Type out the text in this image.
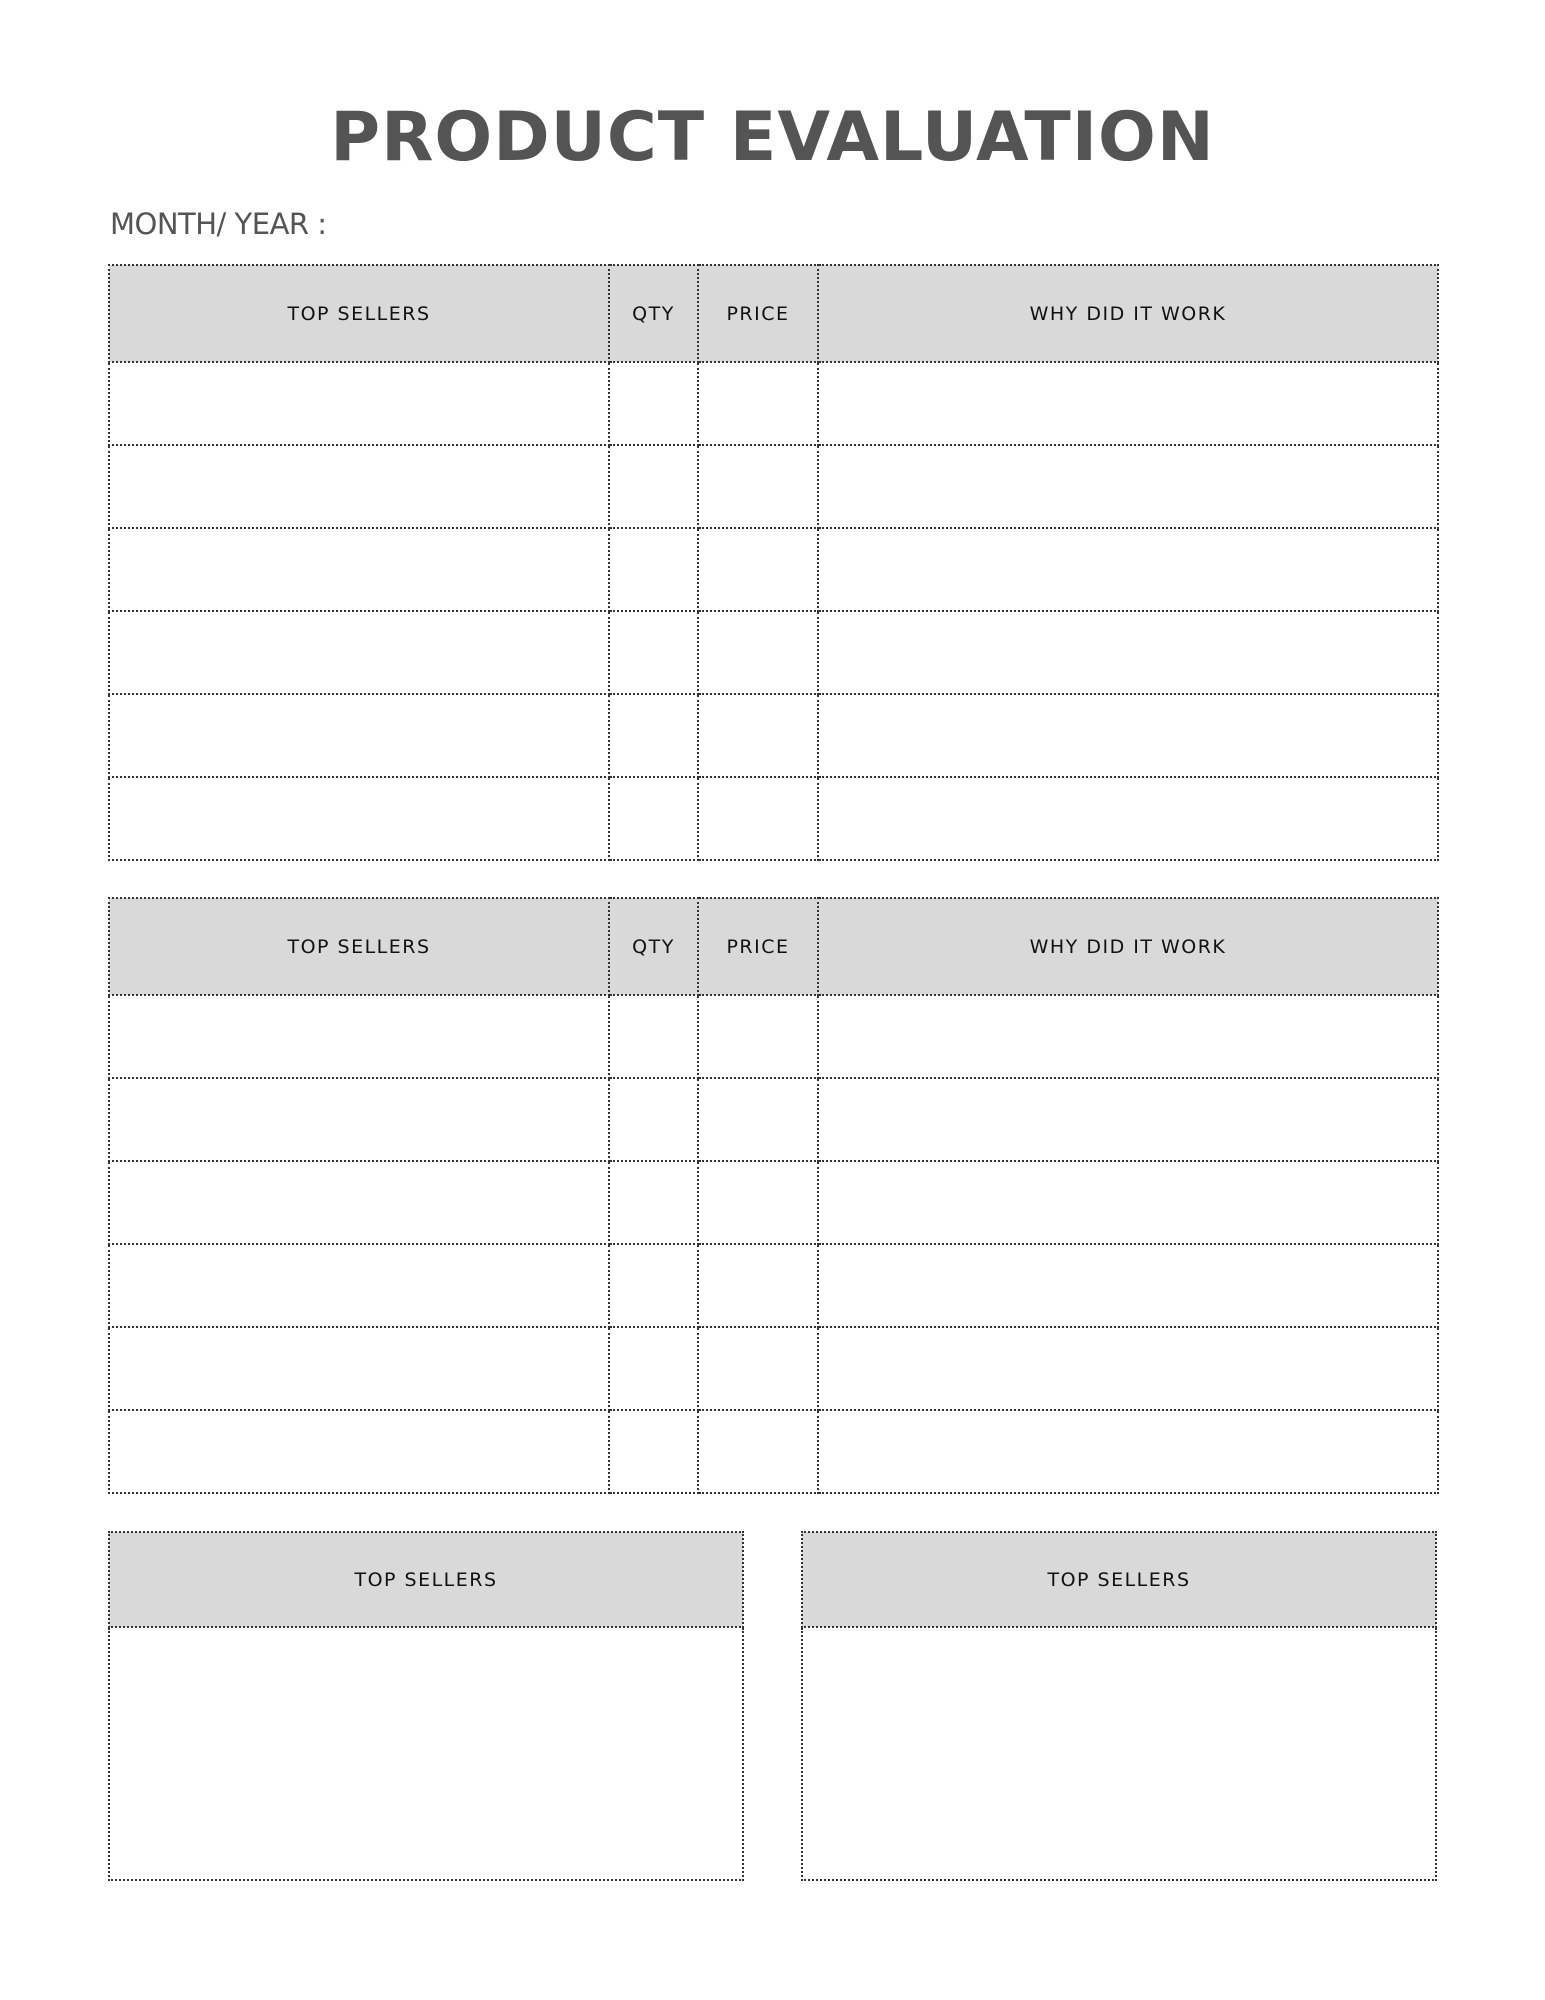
PRODUCT EVALUATION
MONTH/ YEAR :
TOP SELLERS	QTY	PRICE	WHY DID IT WORK

TOP SELLERS	QTY	PRICE	WHY DID IT WORK

TOP SELLERS	TOP SELLERS
